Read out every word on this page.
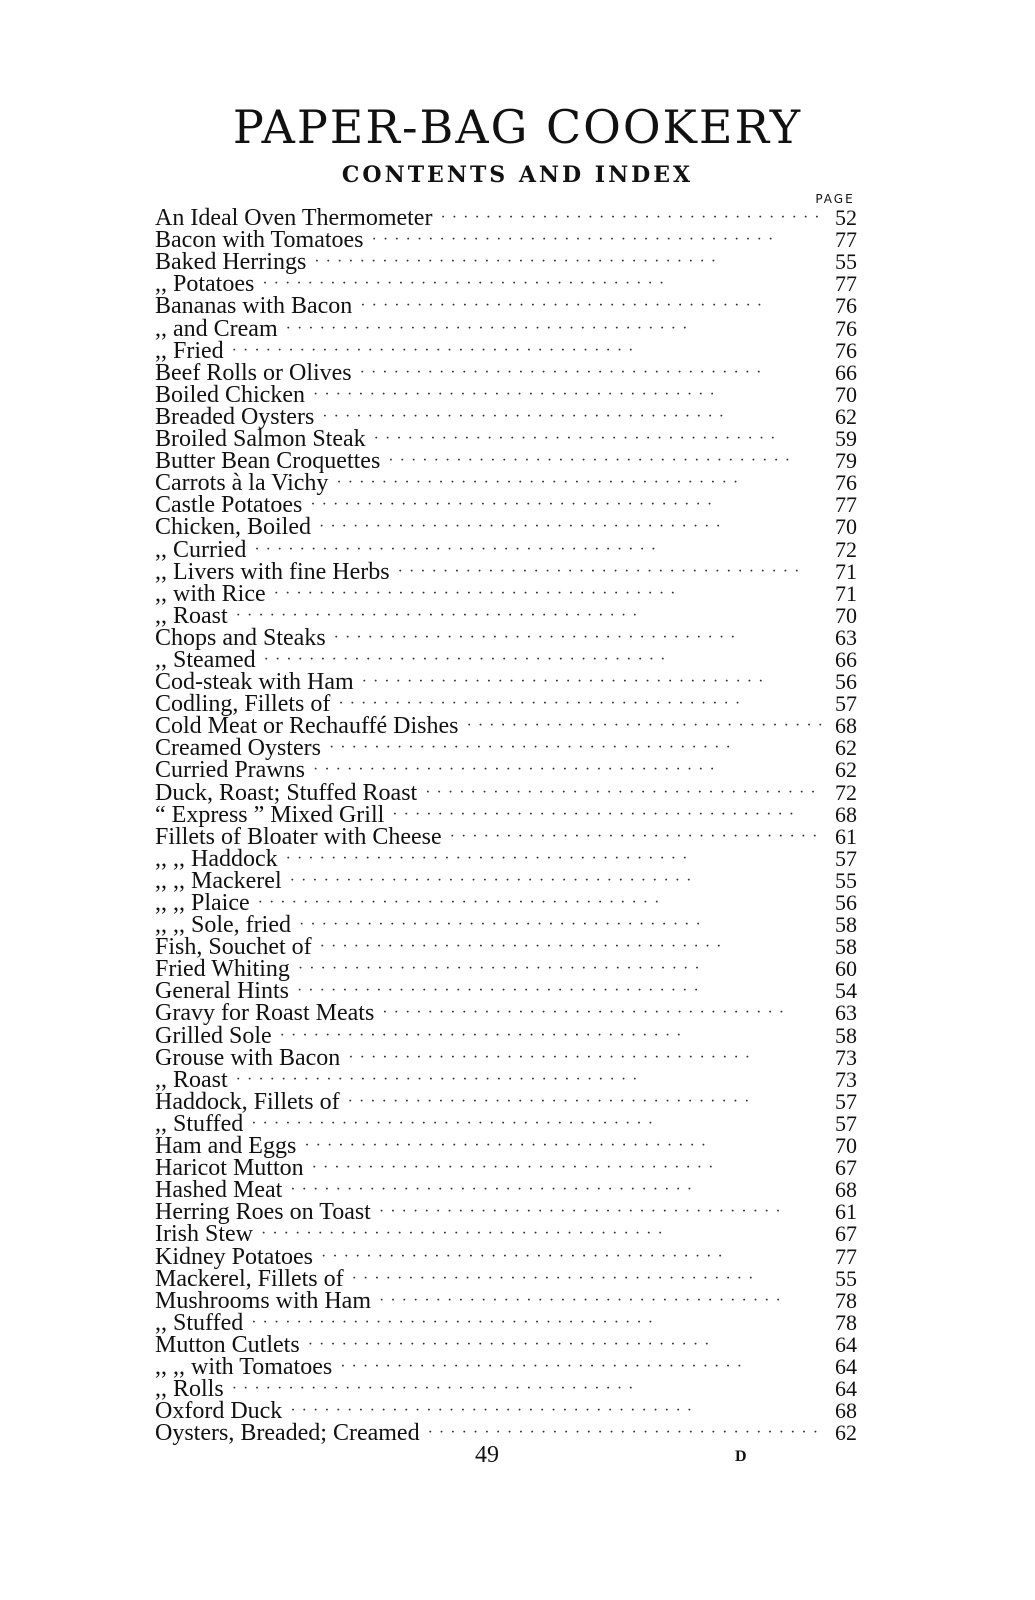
PAPER-BAG COOKERY
CONTENTS AND INDEX
PAGE
An Ideal Oven Thermometer ·····	52
Bacon with Tomatoes ·····	77
Baked Herrings ·····	55
,, Potatoes ·····	77
Bananas with Bacon ·····	76
,, and Cream ·····	76
,, Fried ·····	76
Beef Rolls or Olives ·····	66
Boiled Chicken ·····	70
Breaded Oysters ·····	62
Broiled Salmon Steak ·····	59
Butter Bean Croquettes ·····	79
Carrots à la Vichy ·····	76
Castle Potatoes ·····	77
Chicken, Boiled ·····	70
,, Curried ·····	72
,, Livers with fine Herbs ·····	71
,, with Rice ·····	71
,, Roast ·····	70
Chops and Steaks ·····	63
,, Steamed ·····	66
Cod-steak with Ham ·····	56
Codling, Fillets of ·····	57
Cold Meat or Rechauffé Dishes ·····	68
Creamed Oysters ·····	62
Curried Prawns ·····	62
Duck, Roast; Stuffed Roast ·····	72
“ Express ” Mixed Grill ·····	68
Fillets of Bloater with Cheese ·····	61
,, ,, Haddock ·····	57
,, ,, Mackerel ·····	55
,, ,, Plaice ·····	56
,, ,, Sole, fried ·····	58
Fish, Souchet of ·····	58
Fried Whiting ·····	60
General Hints ·····	54
Gravy for Roast Meats ·····	63
Grilled Sole ·····	58
Grouse with Bacon ·····	73
,, Roast ·····	73
Haddock, Fillets of ·····	57
,, Stuffed ·····	57
Ham and Eggs ·····	70
Haricot Mutton ·····	67
Hashed Meat ·····	68
Herring Roes on Toast ·····	61
Irish Stew ·····	67
Kidney Potatoes ·····	77
Mackerel, Fillets of ·····	55
Mushrooms with Ham ·····	78
,, Stuffed ·····	78
Mutton Cutlets ·····	64
,, ,, with Tomatoes ·····	64
,, Rolls ·····	64
Oxford Duck ·····	68
Oysters, Breaded; Creamed ·····	62
49	D
